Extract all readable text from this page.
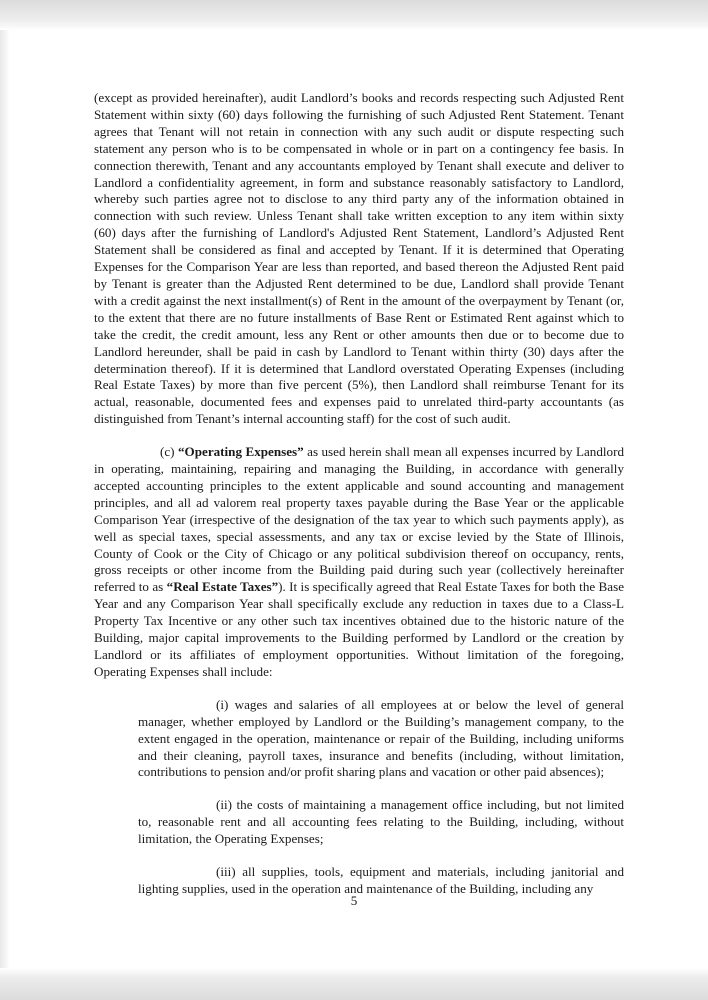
(except as provided hereinafter), audit Landlord’s books and records respecting such Adjusted Rent Statement within sixty (60) days following the furnishing of such Adjusted Rent Statement. Tenant agrees that Tenant will not retain in connection with any such audit or dispute respecting such statement any person who is to be compensated in whole or in part on a contingency fee basis. In connection therewith, Tenant and any accountants employed by Tenant shall execute and deliver to Landlord a confidentiality agreement, in form and substance reasonably satisfactory to Landlord, whereby such parties agree not to disclose to any third party any of the information obtained in connection with such review. Unless Tenant shall take written exception to any item within sixty (60) days after the furnishing of Landlord's Adjusted Rent Statement, Landlord’s Adjusted Rent Statement shall be considered as final and accepted by Tenant. If it is determined that Operating Expenses for the Comparison Year are less than reported, and based thereon the Adjusted Rent paid by Tenant is greater than the Adjusted Rent determined to be due, Landlord shall provide Tenant with a credit against the next installment(s) of Rent in the amount of the overpayment by Tenant (or, to the extent that there are no future installments of Base Rent or Estimated Rent against which to take the credit, the credit amount, less any Rent or other amounts then due or to become due to Landlord hereunder, shall be paid in cash by Landlord to Tenant within thirty (30) days after the determination thereof). If it is determined that Landlord overstated Operating Expenses (including Real Estate Taxes) by more than five percent (5%), then Landlord shall reimburse Tenant for its actual, reasonable, documented fees and expenses paid to unrelated third-party accountants (as distinguished from Tenant’s internal accounting staff) for the cost of such audit.

(c) “Operating Expenses” as used herein shall mean all expenses incurred by Landlord in operating, maintaining, repairing and managing the Building, in accordance with generally accepted accounting principles to the extent applicable and sound accounting and management principles, and all ad valorem real property taxes payable during the Base Year or the applicable Comparison Year (irrespective of the designation of the tax year to which such payments apply), as well as special taxes, special assessments, and any tax or excise levied by the State of Illinois, County of Cook or the City of Chicago or any political subdivision thereof on occupancy, rents, gross receipts or other income from the Building paid during such year (collectively hereinafter referred to as “Real Estate Taxes”). It is specifically agreed that Real Estate Taxes for both the Base Year and any Comparison Year shall specifically exclude any reduction in taxes due to a Class-L Property Tax Incentive or any other such tax incentives obtained due to the historic nature of the Building, major capital improvements to the Building performed by Landlord or the creation by Landlord or its affiliates of employment opportunities. Without limitation of the foregoing, Operating Expenses shall include:

(i) wages and salaries of all employees at or below the level of general manager, whether employed by Landlord or the Building’s management company, to the extent engaged in the operation, maintenance or repair of the Building, including uniforms and their cleaning, payroll taxes, insurance and benefits (including, without limitation, contributions to pension and/or profit sharing plans and vacation or other paid absences);

(ii) the costs of maintaining a management office including, but not limited to, reasonable rent and all accounting fees relating to the Building, including, without limitation, the Operating Expenses;

(iii) all supplies, tools, equipment and materials, including janitorial and lighting supplies, used in the operation and maintenance of the Building, including any

5
